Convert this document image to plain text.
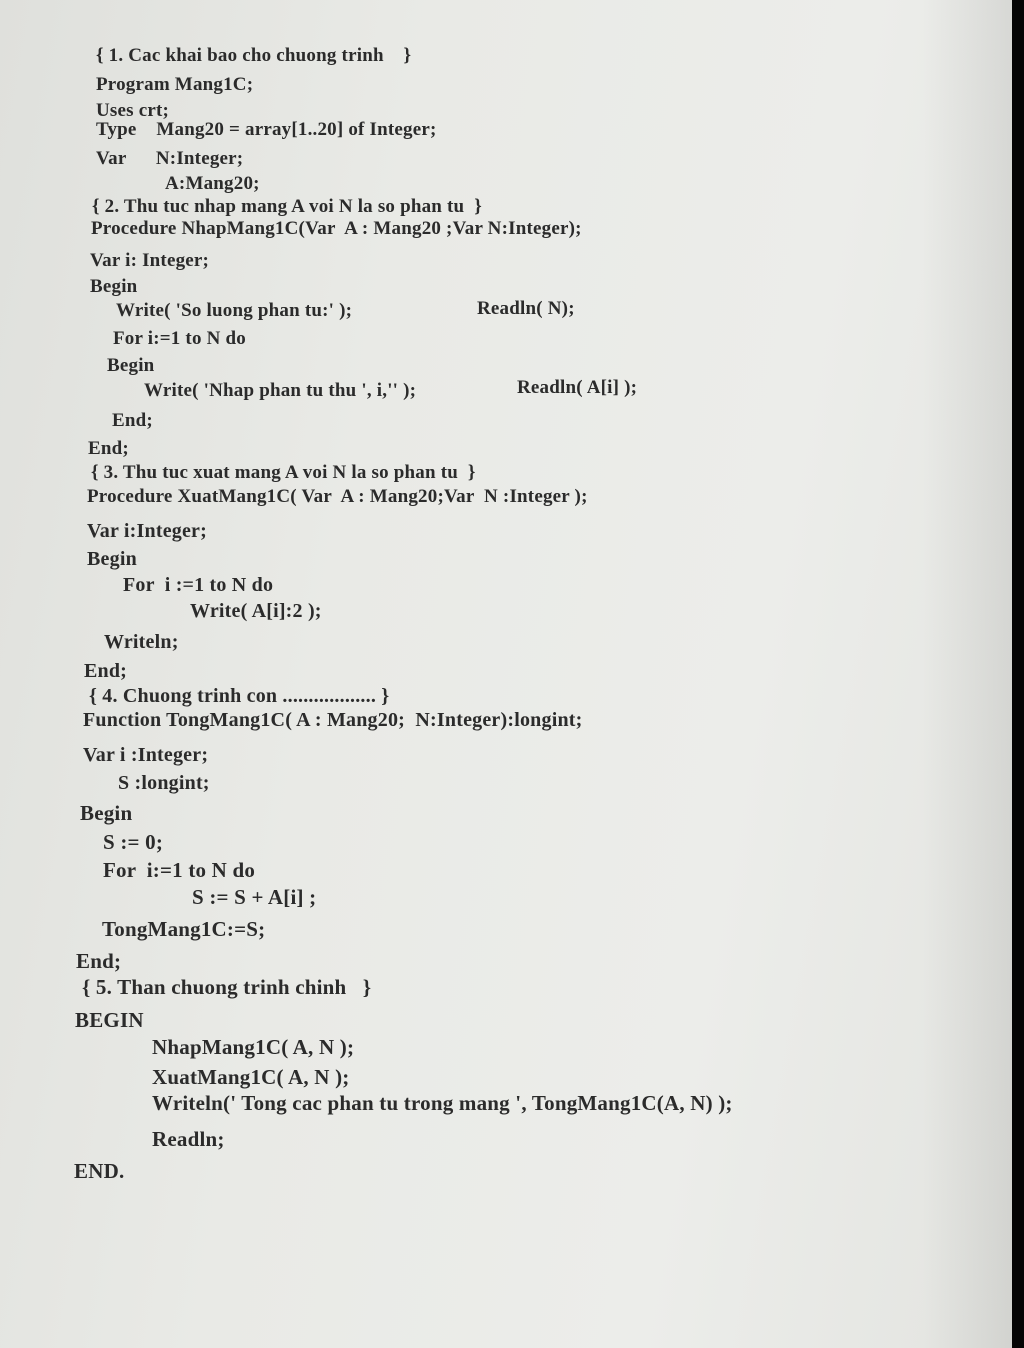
{ 1. Cac khai bao cho chuong trinh    }
Program Mang1C;
Uses crt;
Type    Mang20 = array[1..20] of Integer;
Var      N:Integer;
A:Mang20;
{ 2. Thu tuc nhap mang A voi N la so phan tu  }
Procedure NhapMang1C(Var  A : Mang20 ;Var N:Integer);
Var i: Integer;
Begin
Write( 'So luong phan tu:' );	Readln( N);
For i:=1 to N do
Begin
Write( 'Nhap phan tu thu ', i,'' );	Readln( A[i] );
End;
End;
{ 3. Thu tuc xuat mang A voi N la so phan tu  }
Procedure XuatMang1C( Var  A : Mang20;Var  N :Integer );
Var i:Integer;
Begin
For  i :=1 to N do
Write( A[i]:2 );
Writeln;
End;
{ 4. Chuong trinh con .................. }
Function TongMang1C( A : Mang20;  N:Integer):longint;
Var i :Integer;
S :longint;
Begin
S := 0;
For  i:=1 to N do
S := S + A[i] ;
TongMang1C:=S;
End;
{ 5. Than chuong trinh chinh   }
BEGIN
NhapMang1C( A, N );
XuatMang1C( A, N );
Writeln(' Tong cac phan tu trong mang ', TongMang1C(A, N) );
Readln;
END.
